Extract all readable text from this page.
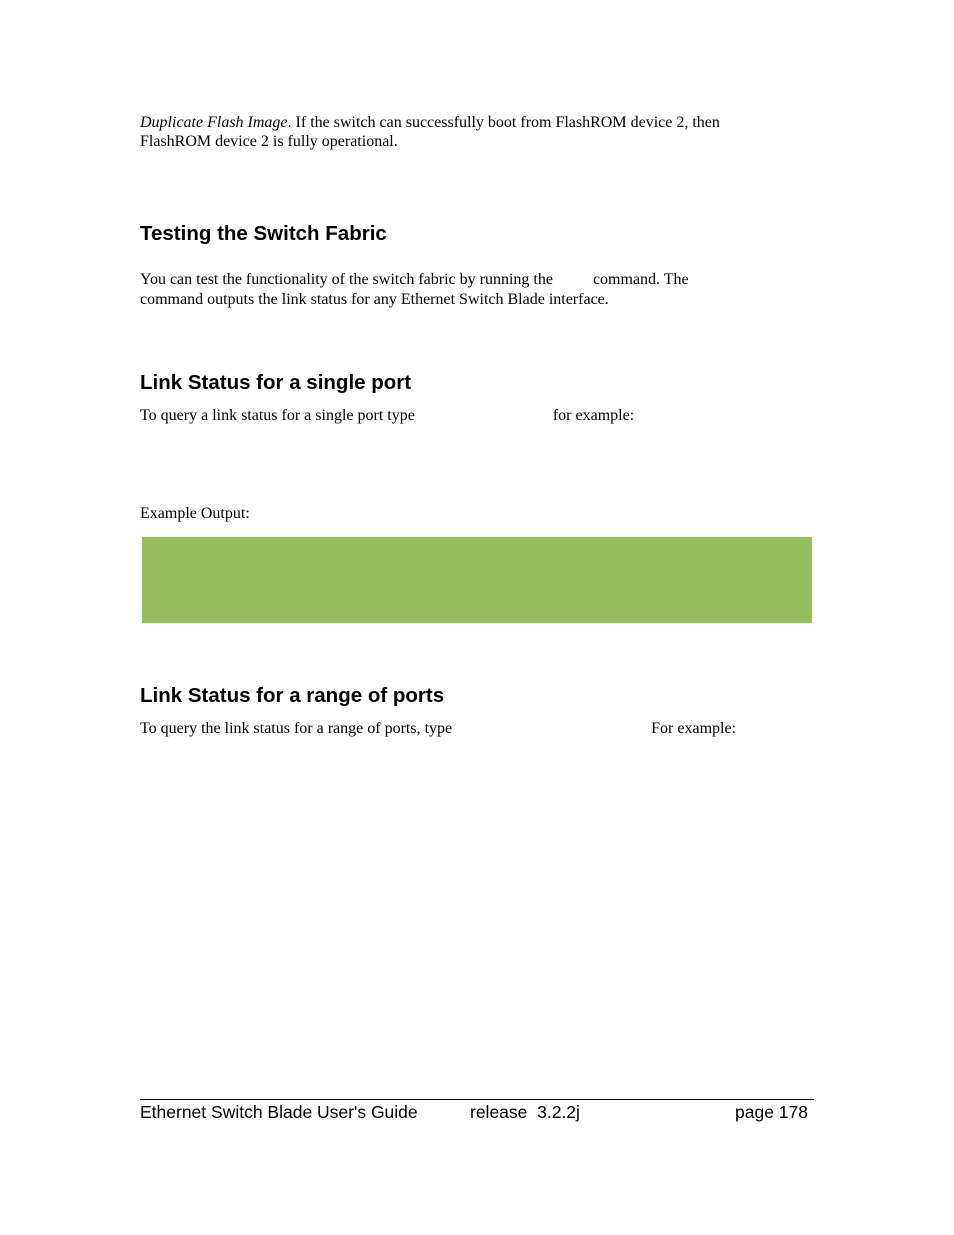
Duplicate Flash Image. If the switch can successfully boot from FlashROM device 2, then

FlashROM device 2 is fully operational.

Testing the Switch Fabric

You can test the functionality of the switch fabric by running the	command. The

command outputs the link status for any Ethernet Switch Blade interface.

Link Status for a single port

To query a link status for a single port type	for example:

Example Output:

Link Status for a range of ports

To query the link status for a range of ports, type	For example:

Ethernet Switch Blade User's Guide	release  3.2.2j	page 178
